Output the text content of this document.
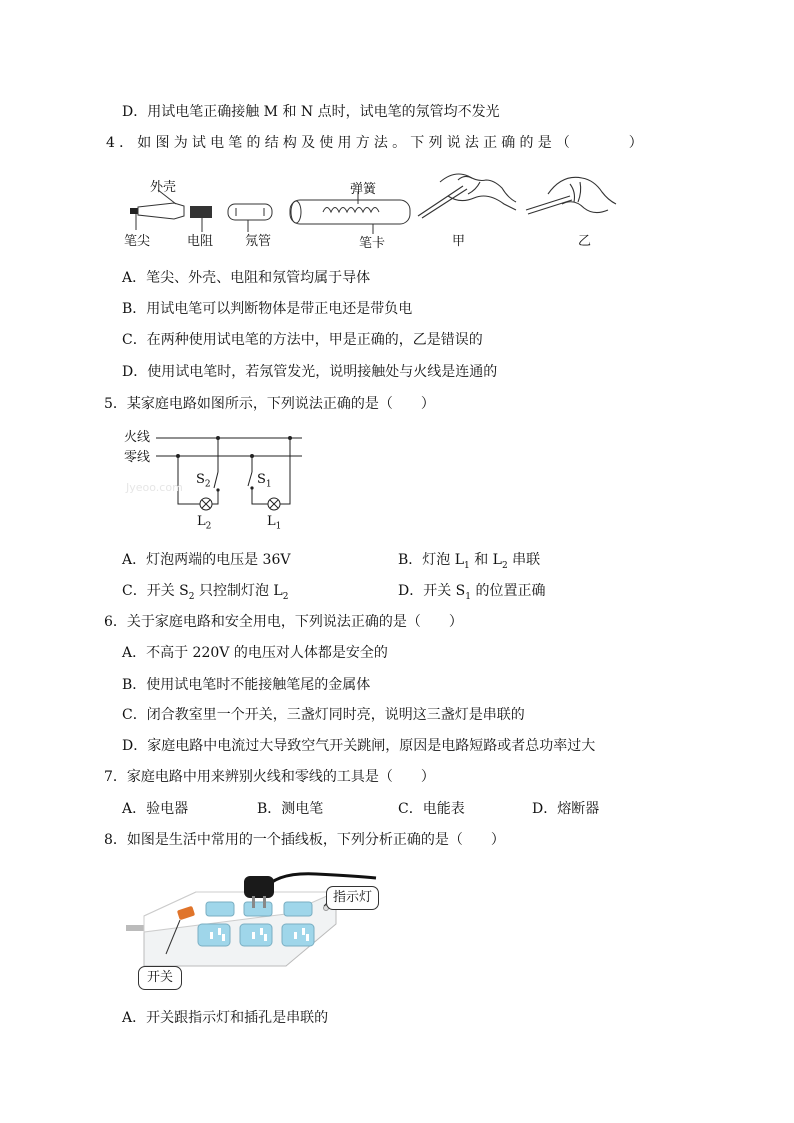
D．用试电笔正确接触 M 和 N 点时，试电笔的氖管均不发光
4．如图为试电笔的结构及使用方法。下列说法正确的是（　　　）
外壳
笔尖	电阻 氖管
弹簧
笔卡	甲	乙
A．笔尖、外壳、电阻和氖管均属于导体
B．用试电笔可以判断物体是带正电还是带负电
C．在两种使用试电笔的方法中，甲是正确的，乙是错误的
D．使用试电笔时，若氖管发光，说明接触处与火线是连通的
5．某家庭电路如图所示，下列说法正确的是（　　）
火线
零线
Jyeoo.com
$S_2$	$S_1$
$L_2$	$L_1$
A．灯泡两端的电压是 36V	B．灯泡 $L_1$ 和 $L_2$ 串联
C．开关 $S_2$ 只控制灯泡 $L_2$	D．开关 $S_1$ 的位置正确
6．关于家庭电路和安全用电，下列说法正确的是（　　）
A．不高于 220V 的电压对人体都是安全的
B．使用试电笔时不能接触笔尾的金属体
C．闭合教室里一个开关，三盏灯同时亮，说明这三盏灯是串联的
D．家庭电路中电流过大导致空气开关跳闸，原因是电路短路或者总功率过大
7．家庭电路中用来辨别火线和零线的工具是（　　）
A．验电器	B．测电笔	C．电能表	D．熔断器
8．如图是生活中常用的一个插线板，下列分析正确的是（　　）
指示灯
开关
A．开关跟指示灯和插孔是串联的
